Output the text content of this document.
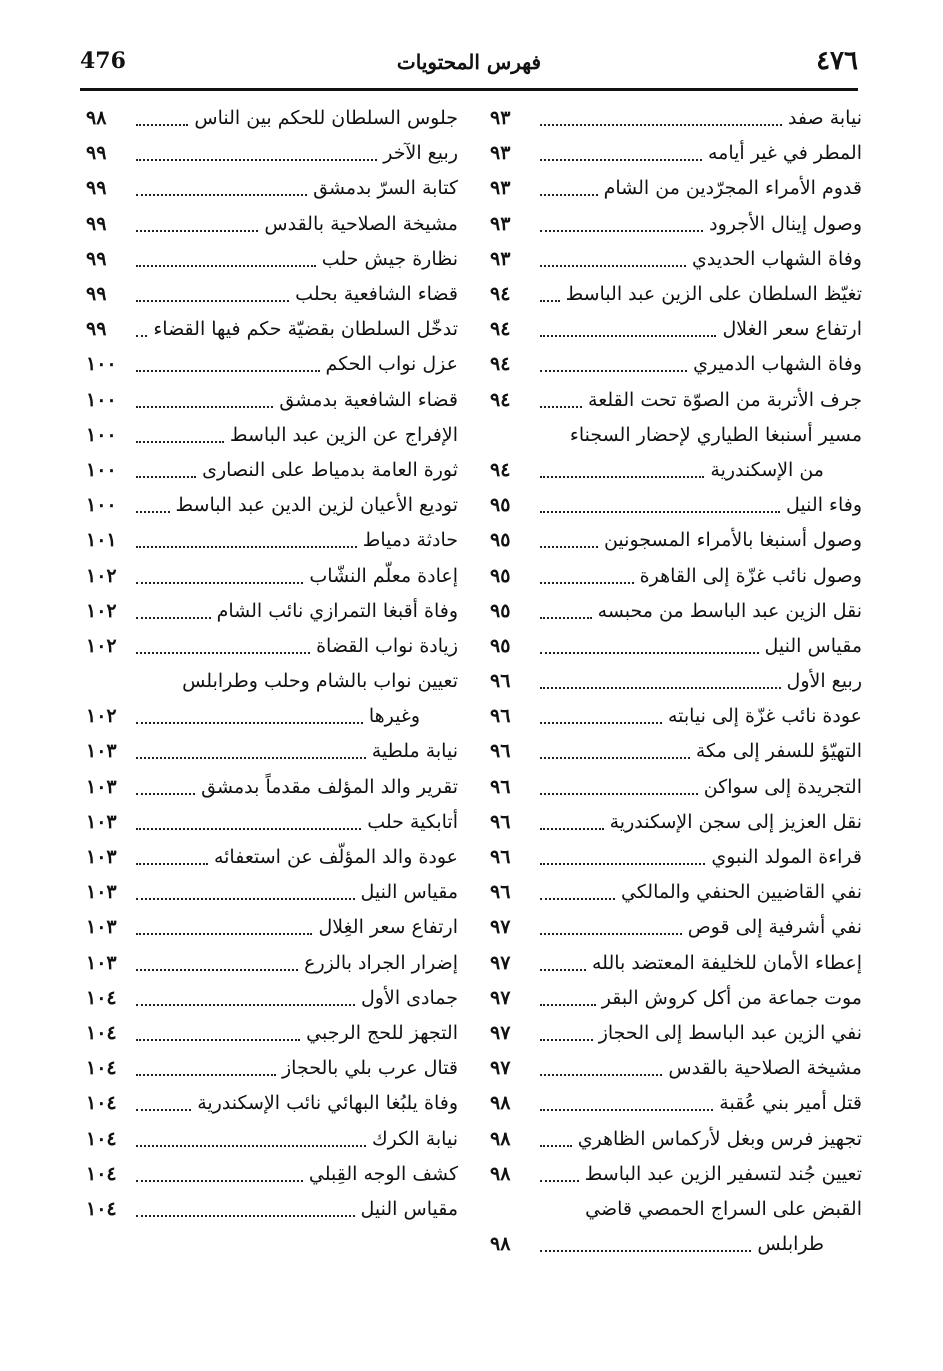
٤٧٦
فهرس المحتويات
476
نيابة صفد
٩٣
المطر في غير أيامه
٩٣
قدوم الأمراء المجرّدين من الشام
٩٣
وصول إينال الأجرود
٩٣
وفاة الشهاب الحديدي
٩٣
تغيّظ السلطان على الزين عبد الباسط
٩٤
ارتفاع سعر الغلال
٩٤
وفاة الشهاب الدميري
٩٤
جرف الأتربة من الصوّة تحت القلعة
٩٤
مسير أسنبغا الطياري لإحضار السجناء
من الإسكندرية
٩٤
وفاء النيل
٩٥
وصول أسنبغا بالأمراء المسجونين
٩٥
وصول نائب غزّة إلى القاهرة
٩٥
نقل الزين عبد الباسط من محبسه
٩٥
مقياس النيل
٩٥
ربيع الأول
٩٦
عودة نائب غزّة إلى نيابته
٩٦
التهيّؤ للسفر إلى مكة
٩٦
التجريدة إلى سواكن
٩٦
نقل العزيز إلى سجن الإسكندرية
٩٦
قراءة المولد النبوي
٩٦
نفي القاضيين الحنفي والمالكي
٩٦
نفي أشرفية إلى قوص
٩٧
إعطاء الأمان للخليفة المعتضد بالله
٩٧
موت جماعة من أكل كروش البقر
٩٧
نفي الزين عبد الباسط إلى الحجاز
٩٧
مشيخة الصلاحية بالقدس
٩٧
قتل أمير بني عُقبة
٩٨
تجهيز فرس وبغل لأركماس الظاهري
٩٨
تعيين جُند لتسفير الزين عبد الباسط
٩٨
القبض على السراج الحمصي قاضي
طرابلس
٩٨
جلوس السلطان للحكم بين الناس
٩٨
ربيع الآخر
٩٩
كتابة السرّ بدمشق
٩٩
مشيخة الصلاحية بالقدس
٩٩
نظارة جيش حلب
٩٩
قضاء الشافعية بحلب
٩٩
تدخّل السلطان بقضيّة حكم فيها القضاء
٩٩
عزل نواب الحكم
١٠٠
قضاء الشافعية بدمشق
١٠٠
الإفراج عن الزين عبد الباسط
١٠٠
ثورة العامة بدمياط على النصارى
١٠٠
توديع الأعيان لزين الدين عبد الباسط
١٠٠
حادثة دمياط
١٠١
إعادة معلّم النشّاب
١٠٢
وفاة أقبغا التمرازي نائب الشام
١٠٢
زيادة نواب القضاة
١٠٢
تعيين نواب بالشام وحلب وطرابلس
وغيرها
١٠٢
نيابة ملطية
١٠٣
تقرير والد المؤلف مقدماً بدمشق
١٠٣
أتابكية حلب
١٠٣
عودة والد المؤلّف عن استعفائه
١٠٣
مقياس النيل
١٠٣
ارتفاع سعر الغِلال
١٠٣
إضرار الجراد بالزرع
١٠٣
جمادى الأول
١٠٤
التجهز للحج الرجبي
١٠٤
قتال عرب بلي بالحجاز
١٠٤
وفاة يلبُغا البهائي نائب الإسكندرية
١٠٤
نيابة الكرك
١٠٤
كشف الوجه القِبلي
١٠٤
مقياس النيل
١٠٤
